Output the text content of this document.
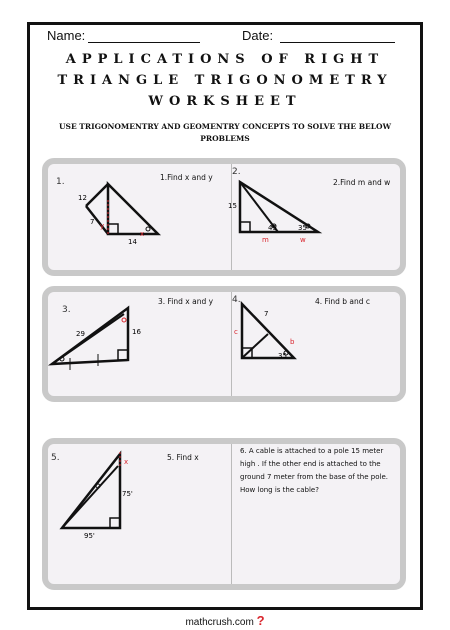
Name:	Date:
APPLICATIONS OF RIGHT
TRIANGLE TRIGONOMETRY
WORKSHEET
USE TRIGONOMENTRY AND GEOMENTRY CONCEPTS TO SOLVE THE BELOW
PROBLEMS
1.	1.Find x and y
2.
2.Find m and w
12
7 y
x
14
15
45	35
m	w
3.
3. Find x and y 4.	4. Find b and c
29	16
7
c
b
35
5.	5. Find x
6. A cable is attached to a pole 15 meter high . If the other end is attached to the ground 7 meter from the base of the pole. How long is the cable?
x
75'
95'
mathcrush.com ?
